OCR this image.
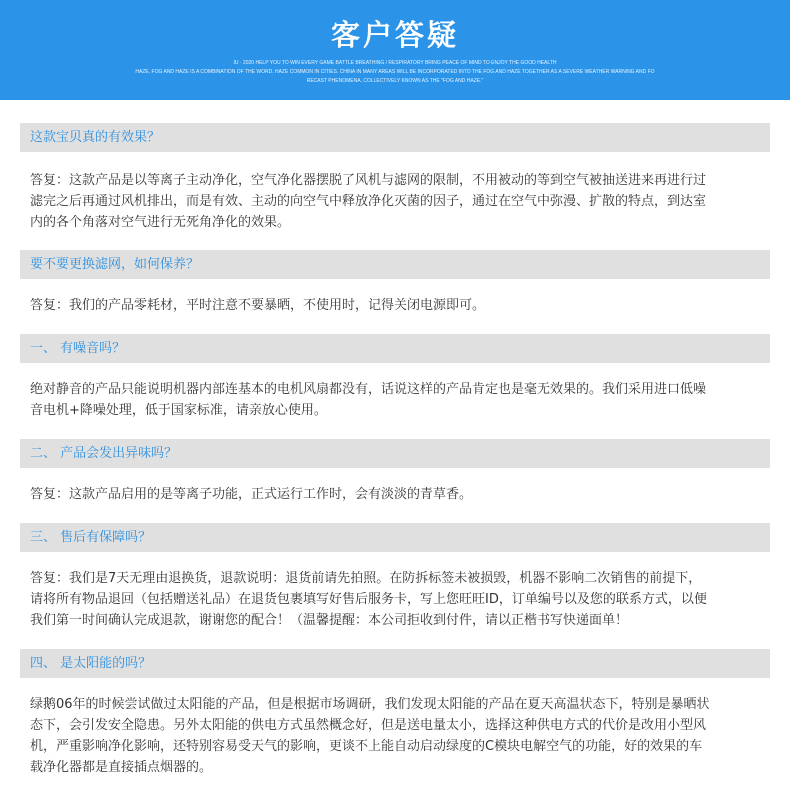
客户答疑
IU · 2020 HELP YOU TO WIN EVERY GAME BATTLE BREATHING / RESPIRATORY BRING PEACE OF MIND TO ENJOY THE GOOD HEALTH
HAZE, FOG AND HAZE IS A COMBINATION OF THE WORD. HAZE COMMON IN CITIES. CHINA IN MANY AREAS WILL BE INCORPORATED INTO THE FOG AND HAZE TOGETHER AS A SEVERE WEATHER WARNING AND FO
RECAST PHENOMENA, COLLECTIVELY KNOWN AS THE "FOG AND HAZE."
这款宝贝真的有效果？
答复：这款产品是以等离子主动净化，空气净化器摆脱了风机与滤网的限制，不用被动的等到空气被抽送进来再进行过
滤完之后再通过风机排出，而是有效、主动的向空气中释放净化灭菌的因子，通过在空气中弥漫、扩散的特点，到达室
内的各个角落对空气进行无死角净化的效果。
要不要更换滤网，如何保养？
答复：我们的产品零耗材，平时注意不要暴晒，不使用时，记得关闭电源即可。
一、 有噪音吗？
绝对静音的产品只能说明机器内部连基本的电机风扇都没有，话说这样的产品肯定也是毫无效果的。我们采用进口低噪
音电机+降噪处理，低于国家标准，请亲放心使用。
二、 产品会发出异味吗？
答复：这款产品启用的是等离子功能，正式运行工作时，会有淡淡的青草香。
三、 售后有保障吗？
答复：我们是7天无理由退换货，退款说明：退货前请先拍照。在防拆标签未被损毁，机器不影响二次销售的前提下，
请将所有物品退回（包括赠送礼品）在退货包裹填写好售后服务卡，写上您旺旺ID，订单编号以及您的联系方式，以便
我们第一时间确认完成退款，谢谢您的配合！（温馨提醒：本公司拒收到付件，请以正楷书写快递面单！
四、 是太阳能的吗？
绿鹅06年的时候尝试做过太阳能的产品，但是根据市场调研，我们发现太阳能的产品在夏天高温状态下，特别是暴晒状
态下，会引发安全隐患。另外太阳能的供电方式虽然概念好，但是送电量太小，选择这种供电方式的代价是改用小型风
机，严重影响净化影响，还特别容易受天气的影响，更谈不上能自动启动绿度的C模块电解空气的功能，好的效果的车
载净化器都是直接插点烟器的。
